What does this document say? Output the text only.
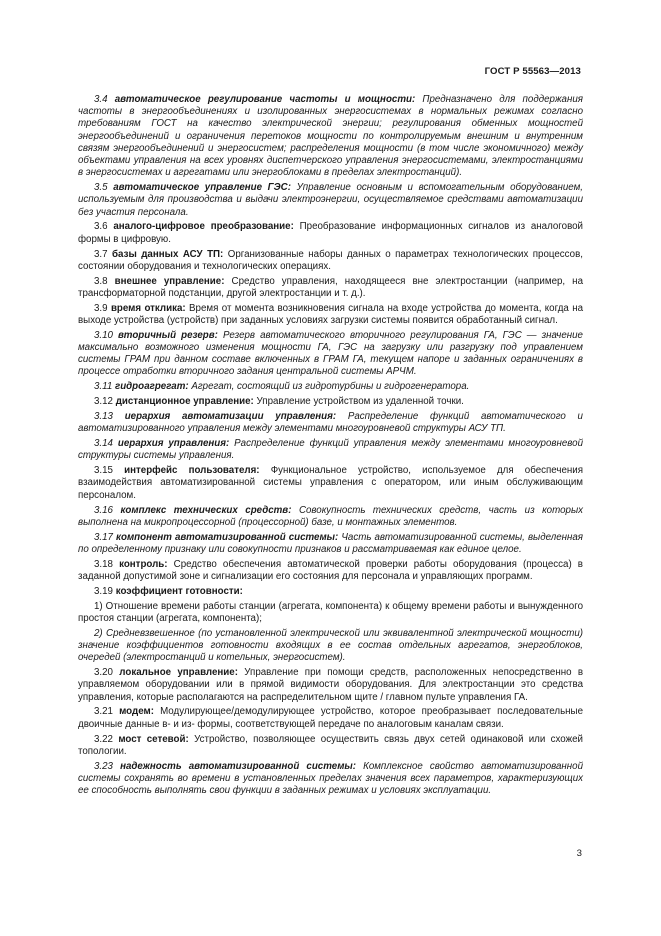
ГОСТ Р 55563—2013

3.4 автоматическое регулирование частоты и мощности: Предназначено для поддержания частоты в энергообъединениях и изолированных энергосистемах в нормальных режимах согласно требованиям ГОСТ на качество электрической энергии; регулирования обменных мощностей энергообъединений и ограничения перетоков мощности по контролируемым внешним и внутренним связям энергообъединений и энергосистем; распределения мощности (в том числе экономичного) между объектами управления на всех уровнях диспетчерского управления энергосистемами, электростанциями в энергосистемах и агрегатами или энергоблоками в пределах электростанций).

3.5 автоматическое управление ГЭС: Управление основным и вспомогательным оборудованием, используемым для производства и выдачи электроэнергии, осуществляемое средствами автоматизации без участия персонала.

3.6 аналого-цифровое преобразование: Преобразование информационных сигналов из аналоговой формы в цифровую.

3.7 базы данных АСУ ТП: Организованные наборы данных о параметрах технологических процессов, состоянии оборудования и технологических операциях.

3.8 внешнее управление: Средство управления, находящееся вне электростанции (например, на трансформаторной подстанции, другой электростанции и т. д.).

3.9 время отклика: Время от момента возникновения сигнала на входе устройства до момента, когда на выходе устройства (устройств) при заданных условиях загрузки системы появится обработанный сигнал.

3.10 вторичный резерв: Резерв автоматического вторичного регулирования ГА, ГЭС — значение максимально возможного изменения мощности ГА, ГЭС на загрузку или разгрузку под управлением системы ГРАМ при данном составе включенных в ГРАМ ГА, текущем напоре и заданных ограничениях в процессе отработки вторичного задания центральной системы АРЧМ.

3.11 гидроагрегат: Агрегат, состоящий из гидротурбины и гидрогенератора.

3.12 дистанционное управление: Управление устройством из удаленной точки.

3.13 иерархия автоматизации управления: Распределение функций автоматического и автоматизированного управления между элементами многоуровневой структуры АСУ ТП.

3.14 иерархия управления: Распределение функций управления между элементами многоуровневой структуры системы управления.

3.15 интерфейс пользователя: Функциональное устройство, используемое для обеспечения взаимодействия автоматизированной системы управления с оператором, или иным обслуживающим персоналом.

3.16 комплекс технических средств: Совокупность технических средств, часть из которых выполнена на микропроцессорной (процессорной) базе, и монтажных элементов.

3.17 компонент автоматизированной системы: Часть автоматизированной системы, выделенная по определенному признаку или совокупности признаков и рассматриваемая как единое целое.

3.18 контроль: Средство обеспечения автоматической проверки работы оборудования (процесса) в заданной допустимой зоне и сигнализации его состояния для персонала и управляющих программ.

3.19 коэффициент готовности:

1) Отношение времени работы станции (агрегата, компонента) к общему времени работы и вынужденного простоя станции (агрегата, компонента);

2) Средневзвешенное (по установленной электрической или эквивалентной электрической мощности) значение коэффициентов готовности входящих в ее состав отдельных агрегатов, энергоблоков, очередей (электростанций и котельных, энергосистем).

3.20 локальное управление: Управление при помощи средств, расположенных непосредственно в управляемом оборудовании или в прямой видимости оборудования. Для электростанции это средства управления, которые располагаются на распределительном щите / главном пульте управления ГА.

3.21 модем: Модулирующее/демодулирующее устройство, которое преобразывает последовательные двоичные данные в- и из- формы, соответствующей передаче по аналоговым каналам связи.

3.22 мост сетевой: Устройство, позволяющее осуществить связь двух сетей одинаковой или схожей топологии.

3.23 надежность автоматизированной системы: Комплексное свойство автоматизированной системы сохранять во времени в установленных пределах значения всех параметров, характеризующих ее способность выполнять свои функции в заданных режимах и условиях эксплуатации.

3
